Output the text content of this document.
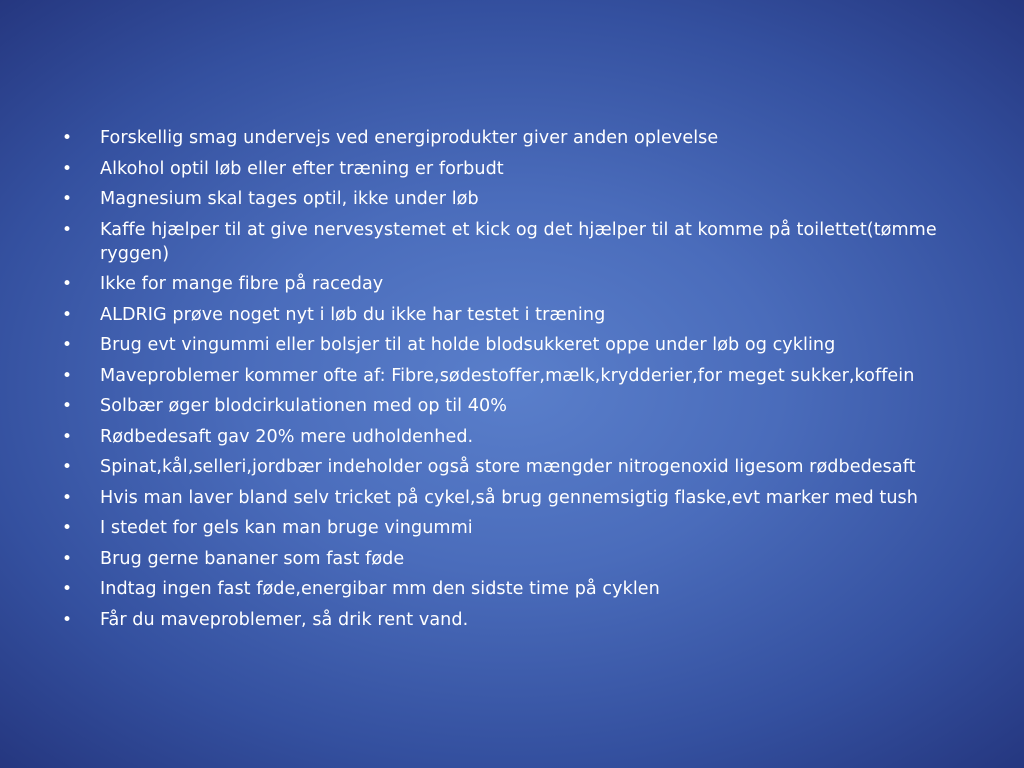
• Forskellig smag undervejs ved energiprodukter giver anden oplevelse
• Alkohol optil løb eller efter træning er forbudt
• Magnesium skal tages optil, ikke under løb
• Kaffe hjælper til at give nervesystemet et kick og det hjælper til at komme på toilettet(tømme ryggen)
• Ikke for mange fibre på raceday
• ALDRIG prøve noget nyt i løb du ikke har testet i træning
• Brug evt vingummi eller bolsjer til at holde blodsukkeret oppe under løb og cykling
• Maveproblemer kommer ofte af: Fibre,sødestoffer,mælk,krydderier,for meget sukker,koffein
• Solbær øger blodcirkulationen med op til 40%
• Rødbedesaft gav 20% mere udholdenhed.
• Spinat,kål,selleri,jordbær indeholder også store mængder nitrogenoxid ligesom rødbedesaft
• Hvis man laver bland selv tricket på cykel,så brug gennemsigtig flaske,evt marker med tush
• I stedet for gels kan man bruge vingummi
• Brug gerne bananer som fast føde
• Indtag ingen fast føde,energibar mm den sidste time på cyklen
• Får du maveproblemer, så drik rent vand.
